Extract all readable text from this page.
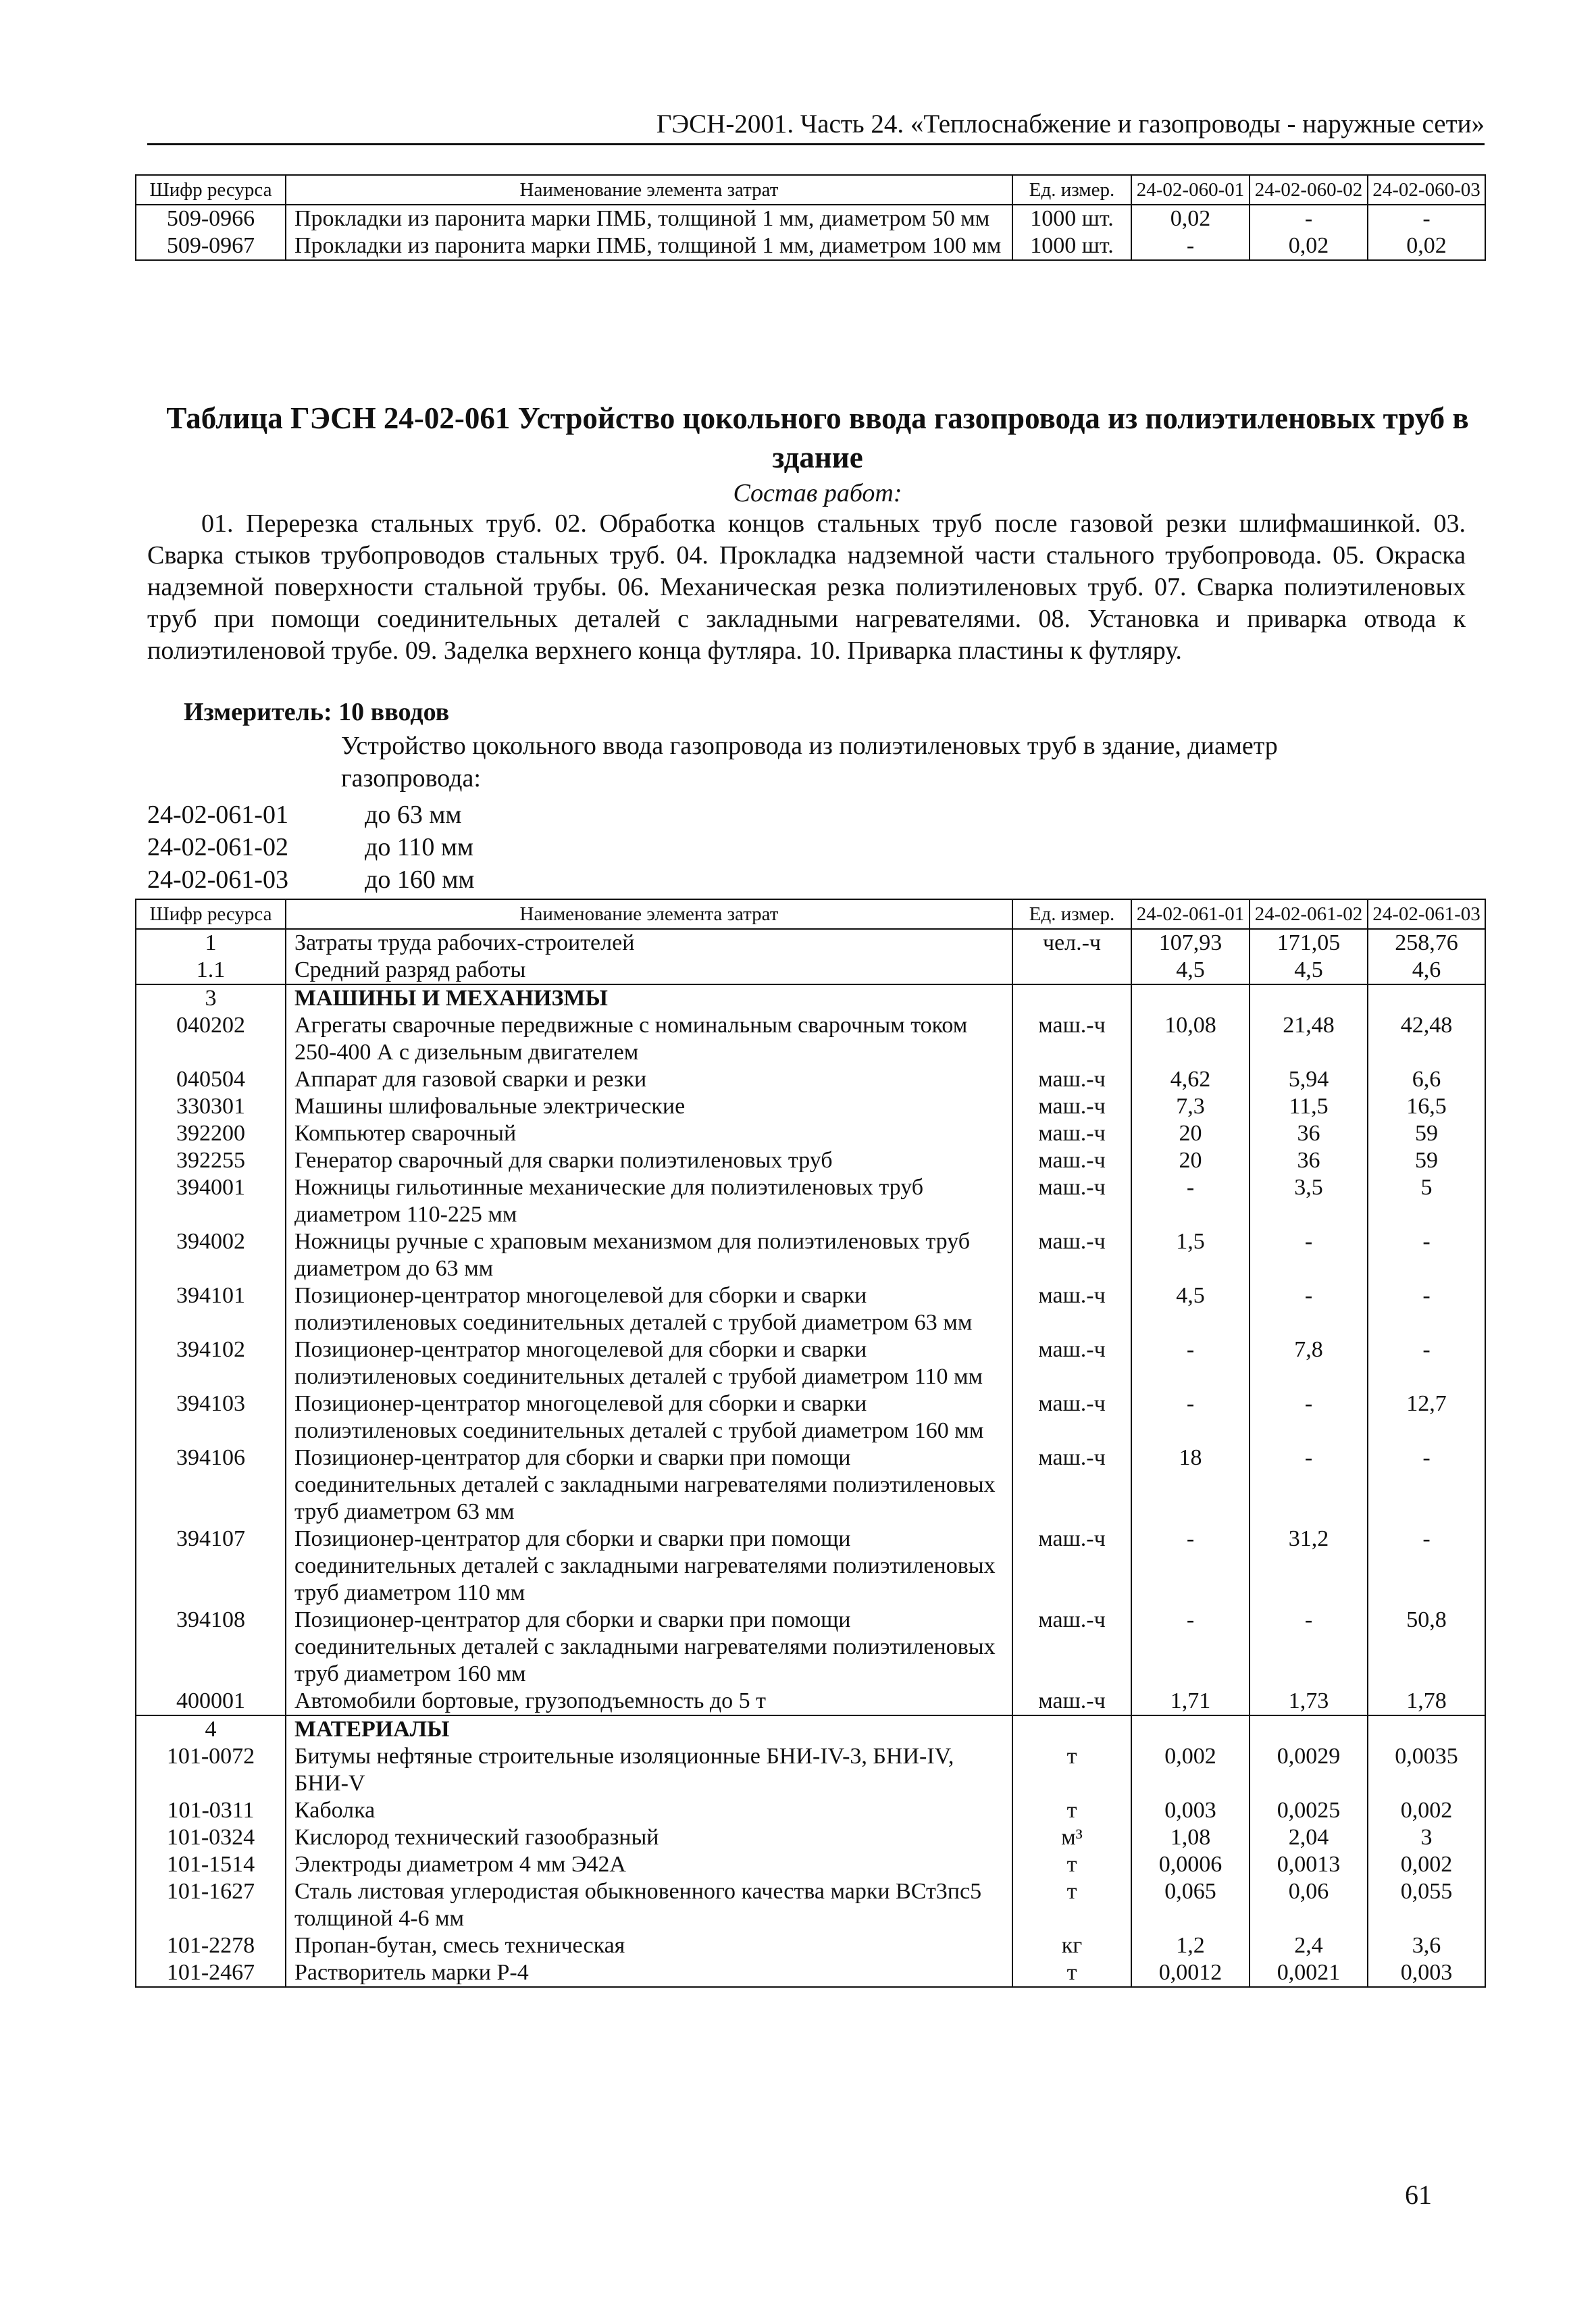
ГЭСН-2001. Часть 24. «Теплоснабжение и газопроводы - наружные сети»
Шифр ресурса	Наименование элемента затрат	Ед. измер.	24-02-060-01	24-02-060-02	24-02-060-03
509-0966	Прокладки из паронита марки ПМБ, толщиной 1 мм, диаметром 50 мм	1000 шт.	0,02	-	-
509-0967	Прокладки из паронита марки ПМБ, толщиной 1 мм, диаметром 100 мм	1000 шт.	-	0,02	0,02
Таблица ГЭСН 24-02-061 Устройство цокольного ввода газопровода из полиэтиленовых труб в здание
Состав работ:
01. Перерезка стальных труб. 02. Обработка концов стальных труб после газовой резки шлифмашинкой. 03. Сварка стыков трубопроводов стальных труб. 04. Прокладка надземной части стального трубопровода. 05. Окраска надземной поверхности стальной трубы. 06. Механическая резка полиэтиленовых труб. 07. Сварка полиэтиленовых труб при помощи соединительных деталей с закладными нагревателями. 08. Установка и приварка отвода к полиэтиленовой трубе. 09. Заделка верхнего конца футляра. 10. Приварка пластины к футляру.
Измеритель: 10 вводов
Устройство цокольного ввода газопровода из полиэтиленовых труб в здание, диаметр газопровода:
24-02-061-01	до 63 мм
24-02-061-02	до 110 мм
24-02-061-03	до 160 мм
Шифр ресурса	Наименование элемента затрат	Ед. измер.	24-02-061-01	24-02-061-02	24-02-061-03
1	Затраты труда рабочих-строителей	чел.-ч	107,93	171,05	258,76
1.1	Средний разряд работы		4,5	4,5	4,6
3	МАШИНЫ И МЕХАНИЗМЫ				
040202	Агрегаты сварочные передвижные с номинальным сварочным током 250-400 А с дизельным двигателем	маш.-ч	10,08	21,48	42,48
040504	Аппарат для газовой сварки и резки	маш.-ч	4,62	5,94	6,6
330301	Машины шлифовальные электрические	маш.-ч	7,3	11,5	16,5
392200	Компьютер сварочный	маш.-ч	20	36	59
392255	Генератор сварочный для сварки полиэтиленовых труб	маш.-ч	20	36	59
394001	Ножницы гильотинные механические для полиэтиленовых труб диаметром 110-225 мм	маш.-ч	-	3,5	5
394002	Ножницы ручные с храповым механизмом для полиэтиленовых труб диаметром до 63 мм	маш.-ч	1,5	-	-
394101	Позиционер-центратор многоцелевой для сборки и сварки полиэтиленовых соединительных деталей с трубой диаметром 63 мм	маш.-ч	4,5	-	-
394102	Позиционер-центратор многоцелевой для сборки и сварки полиэтиленовых соединительных деталей с трубой диаметром 110 мм	маш.-ч	-	7,8	-
394103	Позиционер-центратор многоцелевой для сборки и сварки полиэтиленовых соединительных деталей с трубой диаметром 160 мм	маш.-ч	-	-	12,7
394106	Позиционер-центратор для сборки и сварки при помощи соединительных деталей с закладными нагревателями полиэтиленовых труб диаметром 63 мм	маш.-ч	18	-	-
394107	Позиционер-центратор для сборки и сварки при помощи соединительных деталей с закладными нагревателями полиэтиленовых труб диаметром 110 мм	маш.-ч	-	31,2	-
394108	Позиционер-центратор для сборки и сварки при помощи соединительных деталей с закладными нагревателями полиэтиленовых труб диаметром 160 мм	маш.-ч	-	-	50,8
400001	Автомобили бортовые, грузоподъемность до 5 т	маш.-ч	1,71	1,73	1,78
4	МАТЕРИАЛЫ				
101-0072	Битумы нефтяные строительные изоляционные БНИ-IV-3, БНИ-IV, БНИ-V	т	0,002	0,0029	0,0035
101-0311	Каболка	т	0,003	0,0025	0,002
101-0324	Кислород технический газообразный	м³	1,08	2,04	3
101-1514	Электроды диаметром 4 мм Э42А	т	0,0006	0,0013	0,002
101-1627	Сталь листовая углеродистая обыкновенного качества марки ВСт3пс5 толщиной 4-6 мм	т	0,065	0,06	0,055
101-2278	Пропан-бутан, смесь техническая	кг	1,2	2,4	3,6
101-2467	Растворитель марки Р-4	т	0,0012	0,0021	0,003
61
